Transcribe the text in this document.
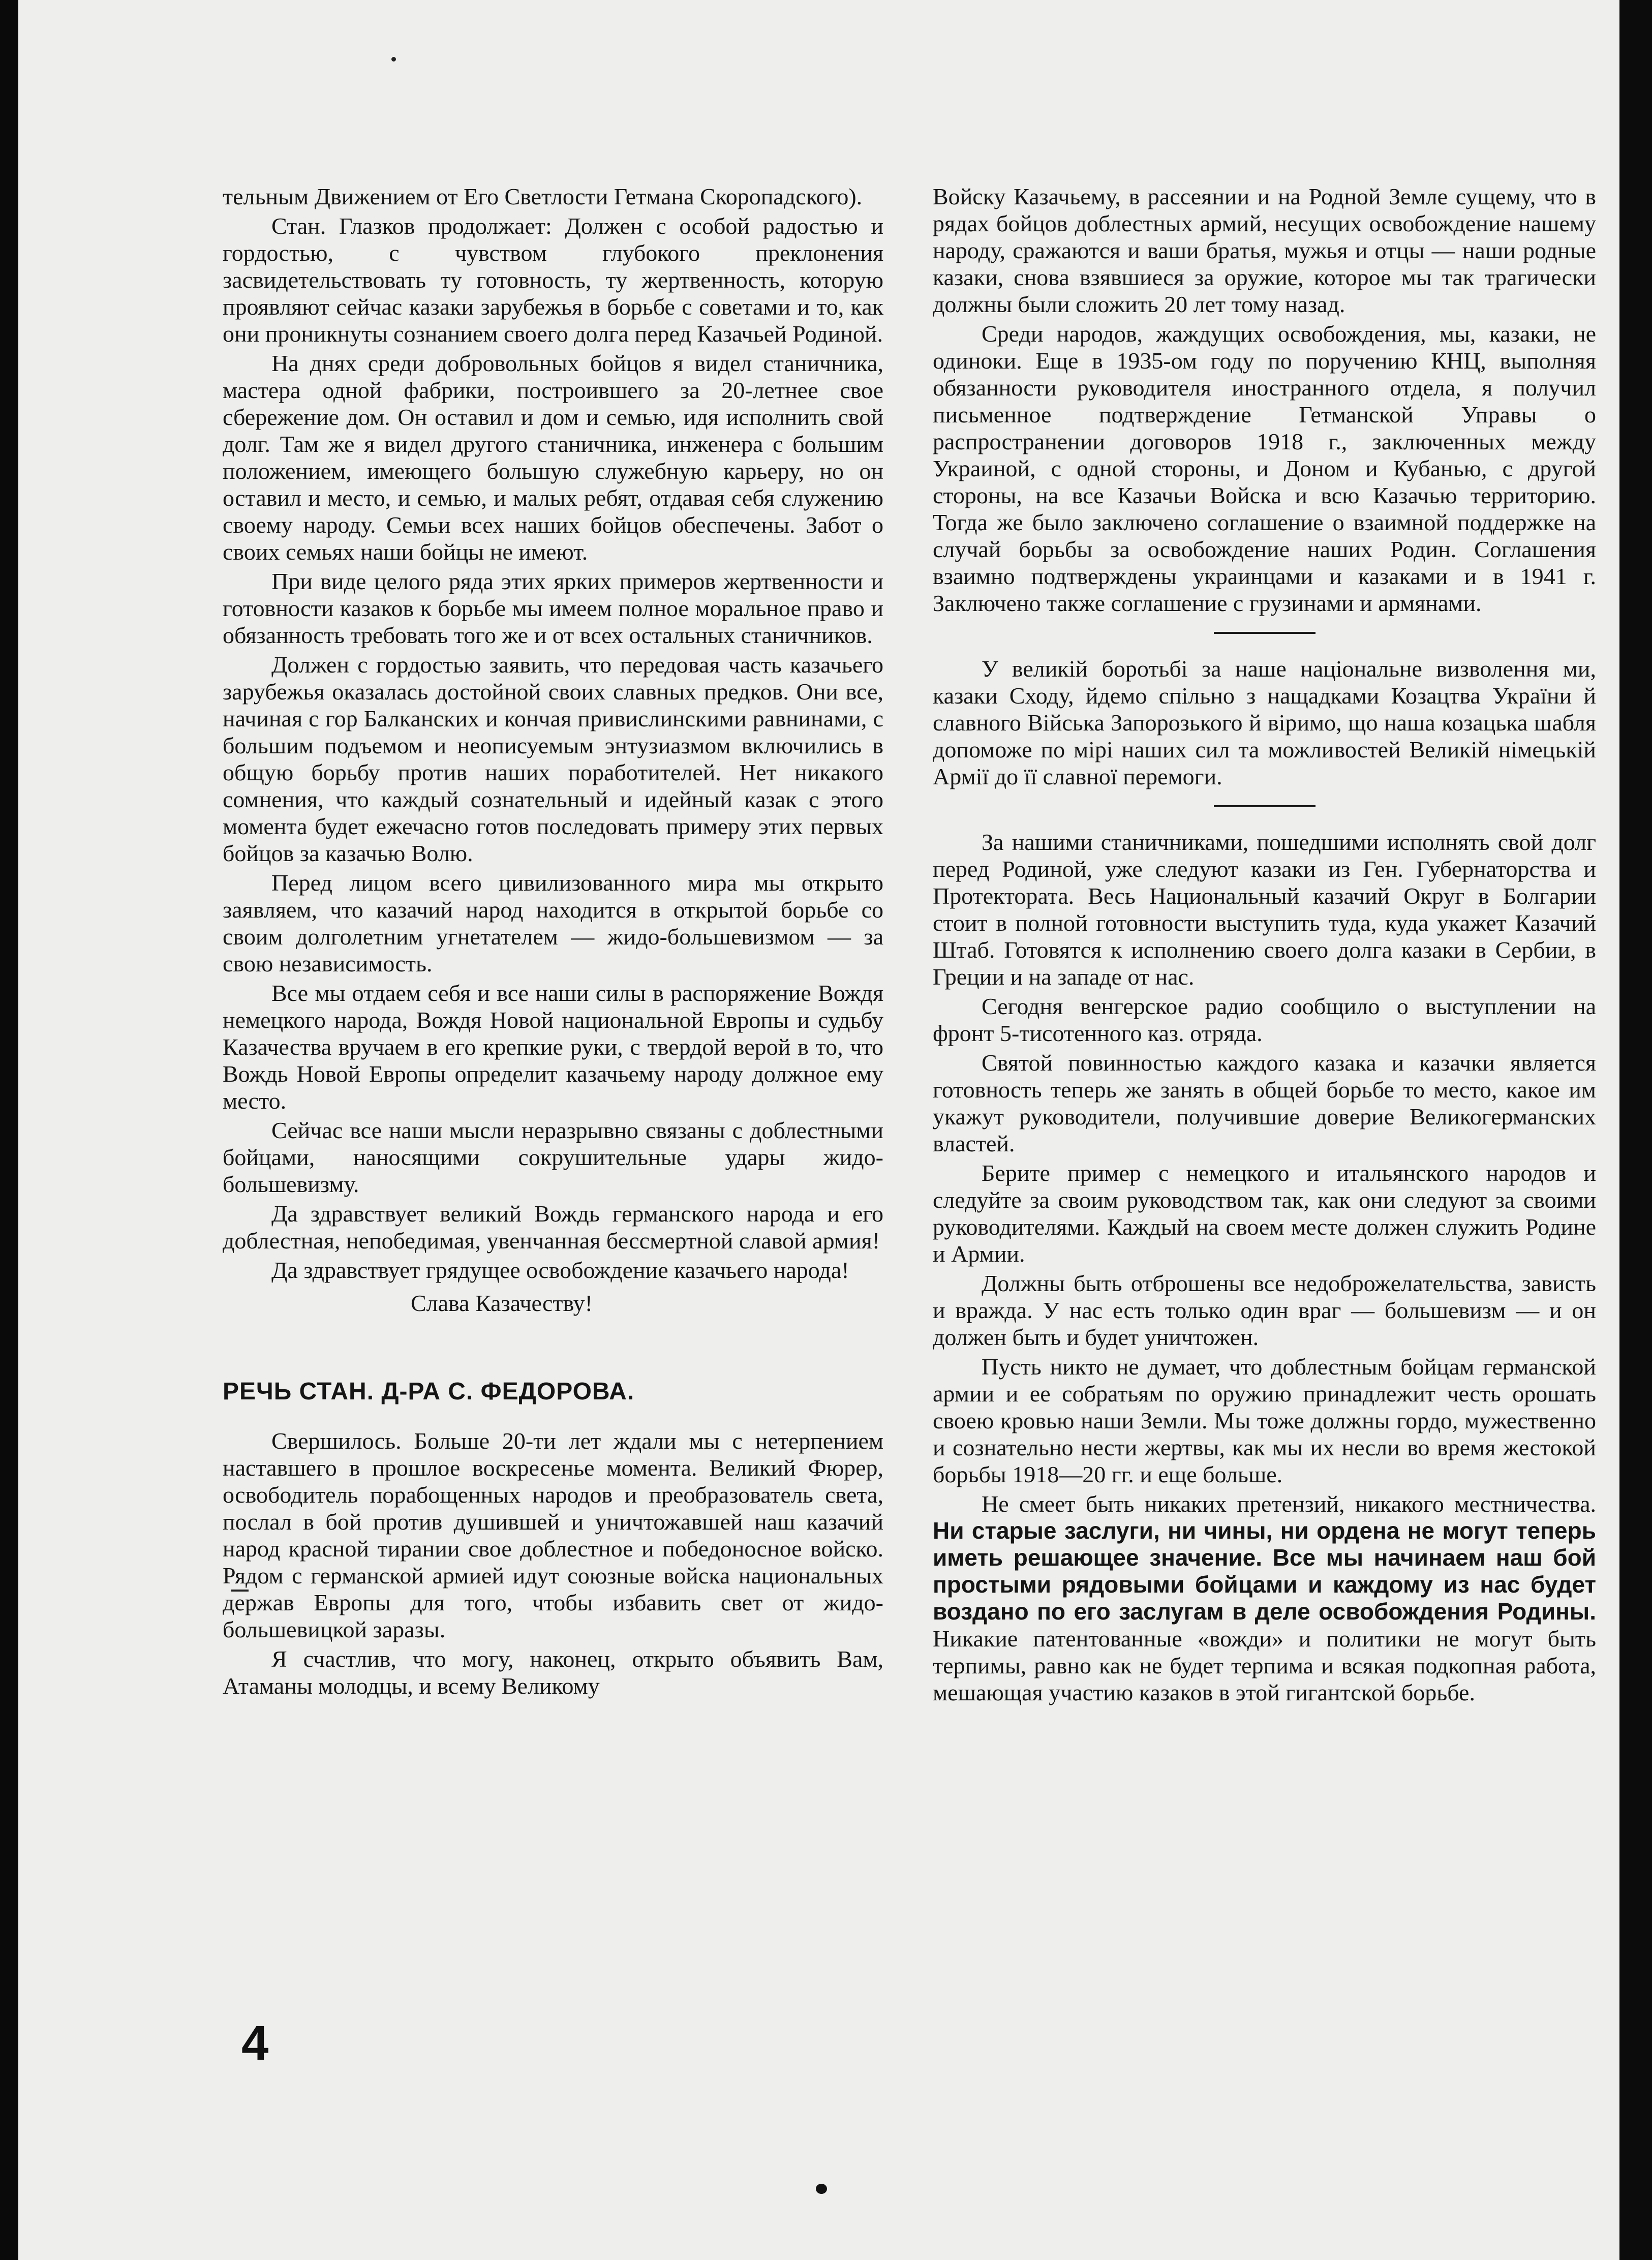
тельным Движением от Его Светлости Гетмана Скоропадского).

Стан. Глазков продолжает: Должен с особой радостью и гордостью, с чувством глубокого преклонения засвидетельствовать ту готовность, ту жертвенность, которую проявляют сейчас казаки зарубежья в борьбе с советами и то, как они проникнуты сознанием своего долга перед Казачьей Родиной.

На днях среди добровольных бойцов я видел станичника, мастера одной фабрики, построившего за 20-летнее свое сбережение дом. Он оставил и дом и семью, идя исполнить свой долг. Там же я видел другого станичника, инженера с большим положением, имеющего большую служебную карьеру, но он оставил и место, и семью, и малых ребят, отдавая себя служению своему народу. Семьи всех наших бойцов обеспечены. Забот о своих семьях наши бойцы не имеют.

При виде целого ряда этих ярких примеров жертвенности и готовности казаков к борьбе мы имеем полное моральное право и обязанность требовать того же и от всех остальных станичников.

Должен с гордостью заявить, что передовая часть казачьего зарубежья оказалась достойной своих славных предков. Они все, начиная с гор Балканских и кончая привислинскими равнинами, с большим подъемом и неописуемым энтузиазмом включились в общую борьбу против наших поработителей. Нет никакого сомнения, что каждый сознательный и идейный казак с этого момента будет ежечасно готов последовать примеру этих первых бойцов за казачью Волю.

Перед лицом всего цивилизованного мира мы открыто заявляем, что казачий народ находится в открытой борьбе со своим долголетним угнетателем — жидо-большевизмом — за свою независимость.

Все мы отдаем себя и все наши силы в распоряжение Вождя немецкого народа, Вождя Новой национальной Европы и судьбу Казачества вручаем в его крепкие руки, с твердой верой в то, что Вождь Новой Европы определит казачьему народу должное ему место.

Сейчас все наши мысли неразрывно связаны с доблестными бойцами, наносящими сокрушительные удары жидо-большевизму.

Да здравствует великий Вождь германского народа и его доблестная, непобедимая, увенчанная бессмертной славой армия!

Да здравствует грядущее освобождение казачьего народа!

Слава Казачеству!

РЕЧЬ СТАН. Д-РА С. ФЕДОРОВА.

Свершилось. Больше 20-ти лет ждали мы с нетерпением наставшего в прошлое воскресенье момента. Великий Фюрер, освободитель порабощенных народов и преобразователь света, послал в бой против душившей и уничтожавшей наш казачий народ красной тирании свое доблестное и победоносное войско. Рядом с германской армией идут союзные войска национальных держав Европы для того, чтобы избавить свет от жидо-большевицкой заразы.

Я счастлив, что могу, наконец, открыто объявить Вам, Атаманы молодцы, и всему Великому

Войску Казачьему, в рассеянии и на Родной Земле сущему, что в рядах бойцов доблестных армий, несущих освобождение нашему народу, сражаются и ваши братья, мужья и отцы — наши родные казаки, снова взявшиеся за оружие, которое мы так трагически должны были сложить 20 лет тому назад.

Среди народов, жаждущих освобождения, мы, казаки, не одиноки. Еще в 1935-ом году по поручению КНЦ, выполняя обязанности руководителя иностранного отдела, я получил письменное подтверждение Гетманской Управы о распространении договоров 1918 г., заключенных между Украиной, с одной стороны, и Доном и Кубанью, с другой стороны, на все Казачьи Войска и всю Казачью территорию. Тогда же было заключено соглашение о взаимной поддержке на случай борьбы за освобождение наших Родин. Соглашения взаимно подтверждены украинцами и казаками и в 1941 г. Заключено также соглашение с грузинами и армянами.

У великій боротьбі за наше національне визволення ми, казаки Сходу, йдемо спільно з нащадками Козацтва України й славного Війська Запорозького й віримо, що наша козацька шабля допоможе по мірі наших сил та можливостей Великій німецькій Армії до її славної перемоги.

За нашими станичниками, пошедшими исполнять свой долг перед Родиной, уже следуют казаки из Ген. Губернаторства и Протектората. Весь Национальный казачий Округ в Болгарии стоит в полной готовности выступить туда, куда укажет Казачий Штаб. Готовятся к исполнению своего долга казаки в Сербии, в Греции и на западе от нас.

Сегодня венгерское радио сообщило о выступлении на фронт 5-тисотенного каз. отряда.

Святой повинностью каждого казака и казачки является готовность теперь же занять в общей борьбе то место, какое им укажут руководители, получившие доверие Великогерманских властей.

Берите пример с немецкого и итальянского народов и следуйте за своим руководством так, как они следуют за своими руководителями. Каждый на своем месте должен служить Родине и Армии.

Должны быть отброшены все недоброжелательства, зависть и вражда. У нас есть только один враг — большевизм — и он должен быть и будет уничтожен.

Пусть никто не думает, что доблестным бойцам германской армии и ее собратьям по оружию принадлежит честь орошать своею кровью наши Земли. Мы тоже должны гордо, мужественно и сознательно нести жертвы, как мы их несли во время жестокой борьбы 1918—20 гг. и еще больше.

Не смеет быть никаких претензий, никакого местничества. Ни старые заслуги, ни чины, ни ордена не могут теперь иметь решающее значение. Все мы начинаем наш бой простыми рядовыми бойцами и каждому из нас будет воздано по его заслугам в деле освобождения Родины. Никакие патентованные «вожди» и политики не могут быть терпимы, равно как не будет терпима и всякая подкопная работа, мешающая участию казаков в этой гигантской борьбе.

4
